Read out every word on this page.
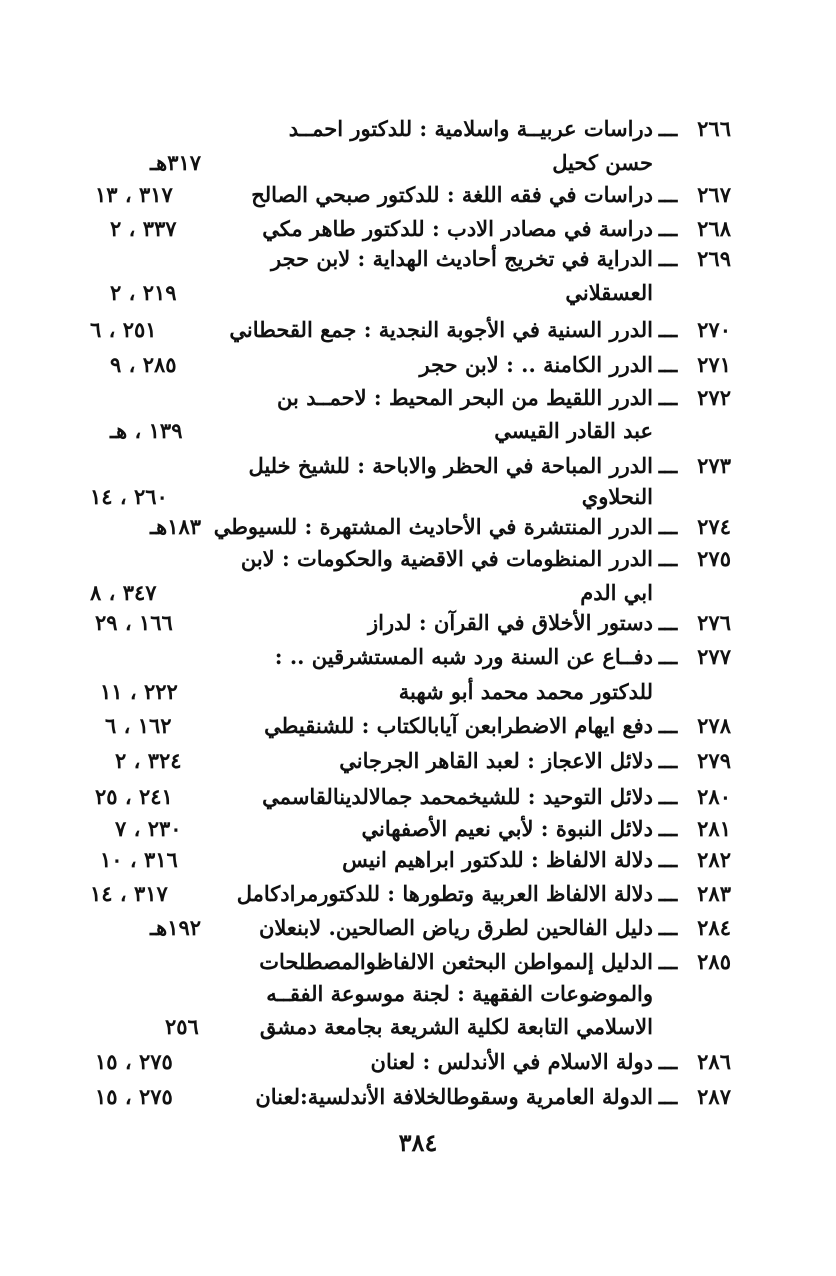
٢٦٦
ـــ
دراسات عربيــة واسلامية : للدكتور احمــد
حسن كحيل
٣١٧هـ
٢٦٧
ـــ
دراسات في فقه اللغة : للدكتور صبحي الصالح
٣١٧ ، ١٣
٢٦٨
ـــ
دراسة في مصادر الادب : للدكتور طاهر مكي
٣٣٧ ، ٢
٢٦٩
ـــ
الدراية في تخريج أحاديث الهداية : لابن حجر
العسقلاني
٢١٩ ، ٢
٢٧٠
ـــ
الدرر السنية في الأجوبة النجدية : جمع القحطاني
٢٥١ ، ٦
٢٧١
ـــ
الدرر الكامنة .. : لابن حجر
٢٨٥ ، ٩
٢٧٢
ـــ
الدرر اللقيط من البحر المحيط : لاحمــد بن
عبد القادر القيسي
١٣٩ ، هـ
٢٧٣
ـــ
الدرر المباحة في الحظر والاباحة : للشيخ خليل
النحلاوي
٢٦٠ ، ١٤
٢٧٤
ـــ
الدرر المنتشرة في الأحاديث المشتهرة : للسيوطي
١٨٣هـ
٢٧٥
ـــ
الدرر المنظومات في الاقضية والحكومات : لابن
ابي الدم
٣٤٧ ، ٨
٢٧٦
ـــ
دستور الأخلاق في القرآن : لدراز
١٦٦ ، ٢٩
٢٧٧
ـــ
دفــاع عن السنة ورد شبه المستشرقين .. :
للدكتور محمد محمد أبو شهبة
٢٢٢ ، ١١
٢٧٨
ـــ
دفع ايهام الاضطرابعن آيابالكتاب : للشنقيطي
١٦٢ ، ٦
٢٧٩
ـــ
دلائل الاعجاز : لعبد القاهر الجرجاني
٣٢٤ ، ٢
٢٨٠
ـــ
دلائل التوحيد : للشيخمحمد جمالالدينالقاسمي
٢٤١ ، ٢٥
٢٨١
ـــ
دلائل النبوة : لأبي نعيم الأصفهاني
٢٣٠ ، ٧
٢٨٢
ـــ
دلالة الالفاظ : للدكتور ابراهيم انيس
٣١٦ ، ١٠
٢٨٣
ـــ
دلالة الالفاظ العربية وتطورها : للدكتورمرادكامل
٣١٧ ، ١٤
٢٨٤
ـــ
دليل الفالحين لطرق رياض الصالحين. لابنعلان
١٩٢هـ
٢٨٥
ـــ
الدليل إلىمواطن البحثعن الالفاظوالمصطلحات
والموضوعات الفقهية : لجنة موسوعة الفقــه
الاسلامي التابعة لكلية الشريعة بجامعة دمشق
٢٥٦
٢٨٦
ـــ
دولة الاسلام في الأندلس : لعنان
٢٧٥ ، ١٥
٢٨٧
ـــ
الدولة العامرية وسقوطالخلافة الأندلسية:لعنان
٢٧٥ ، ١٥
٣٨٤
